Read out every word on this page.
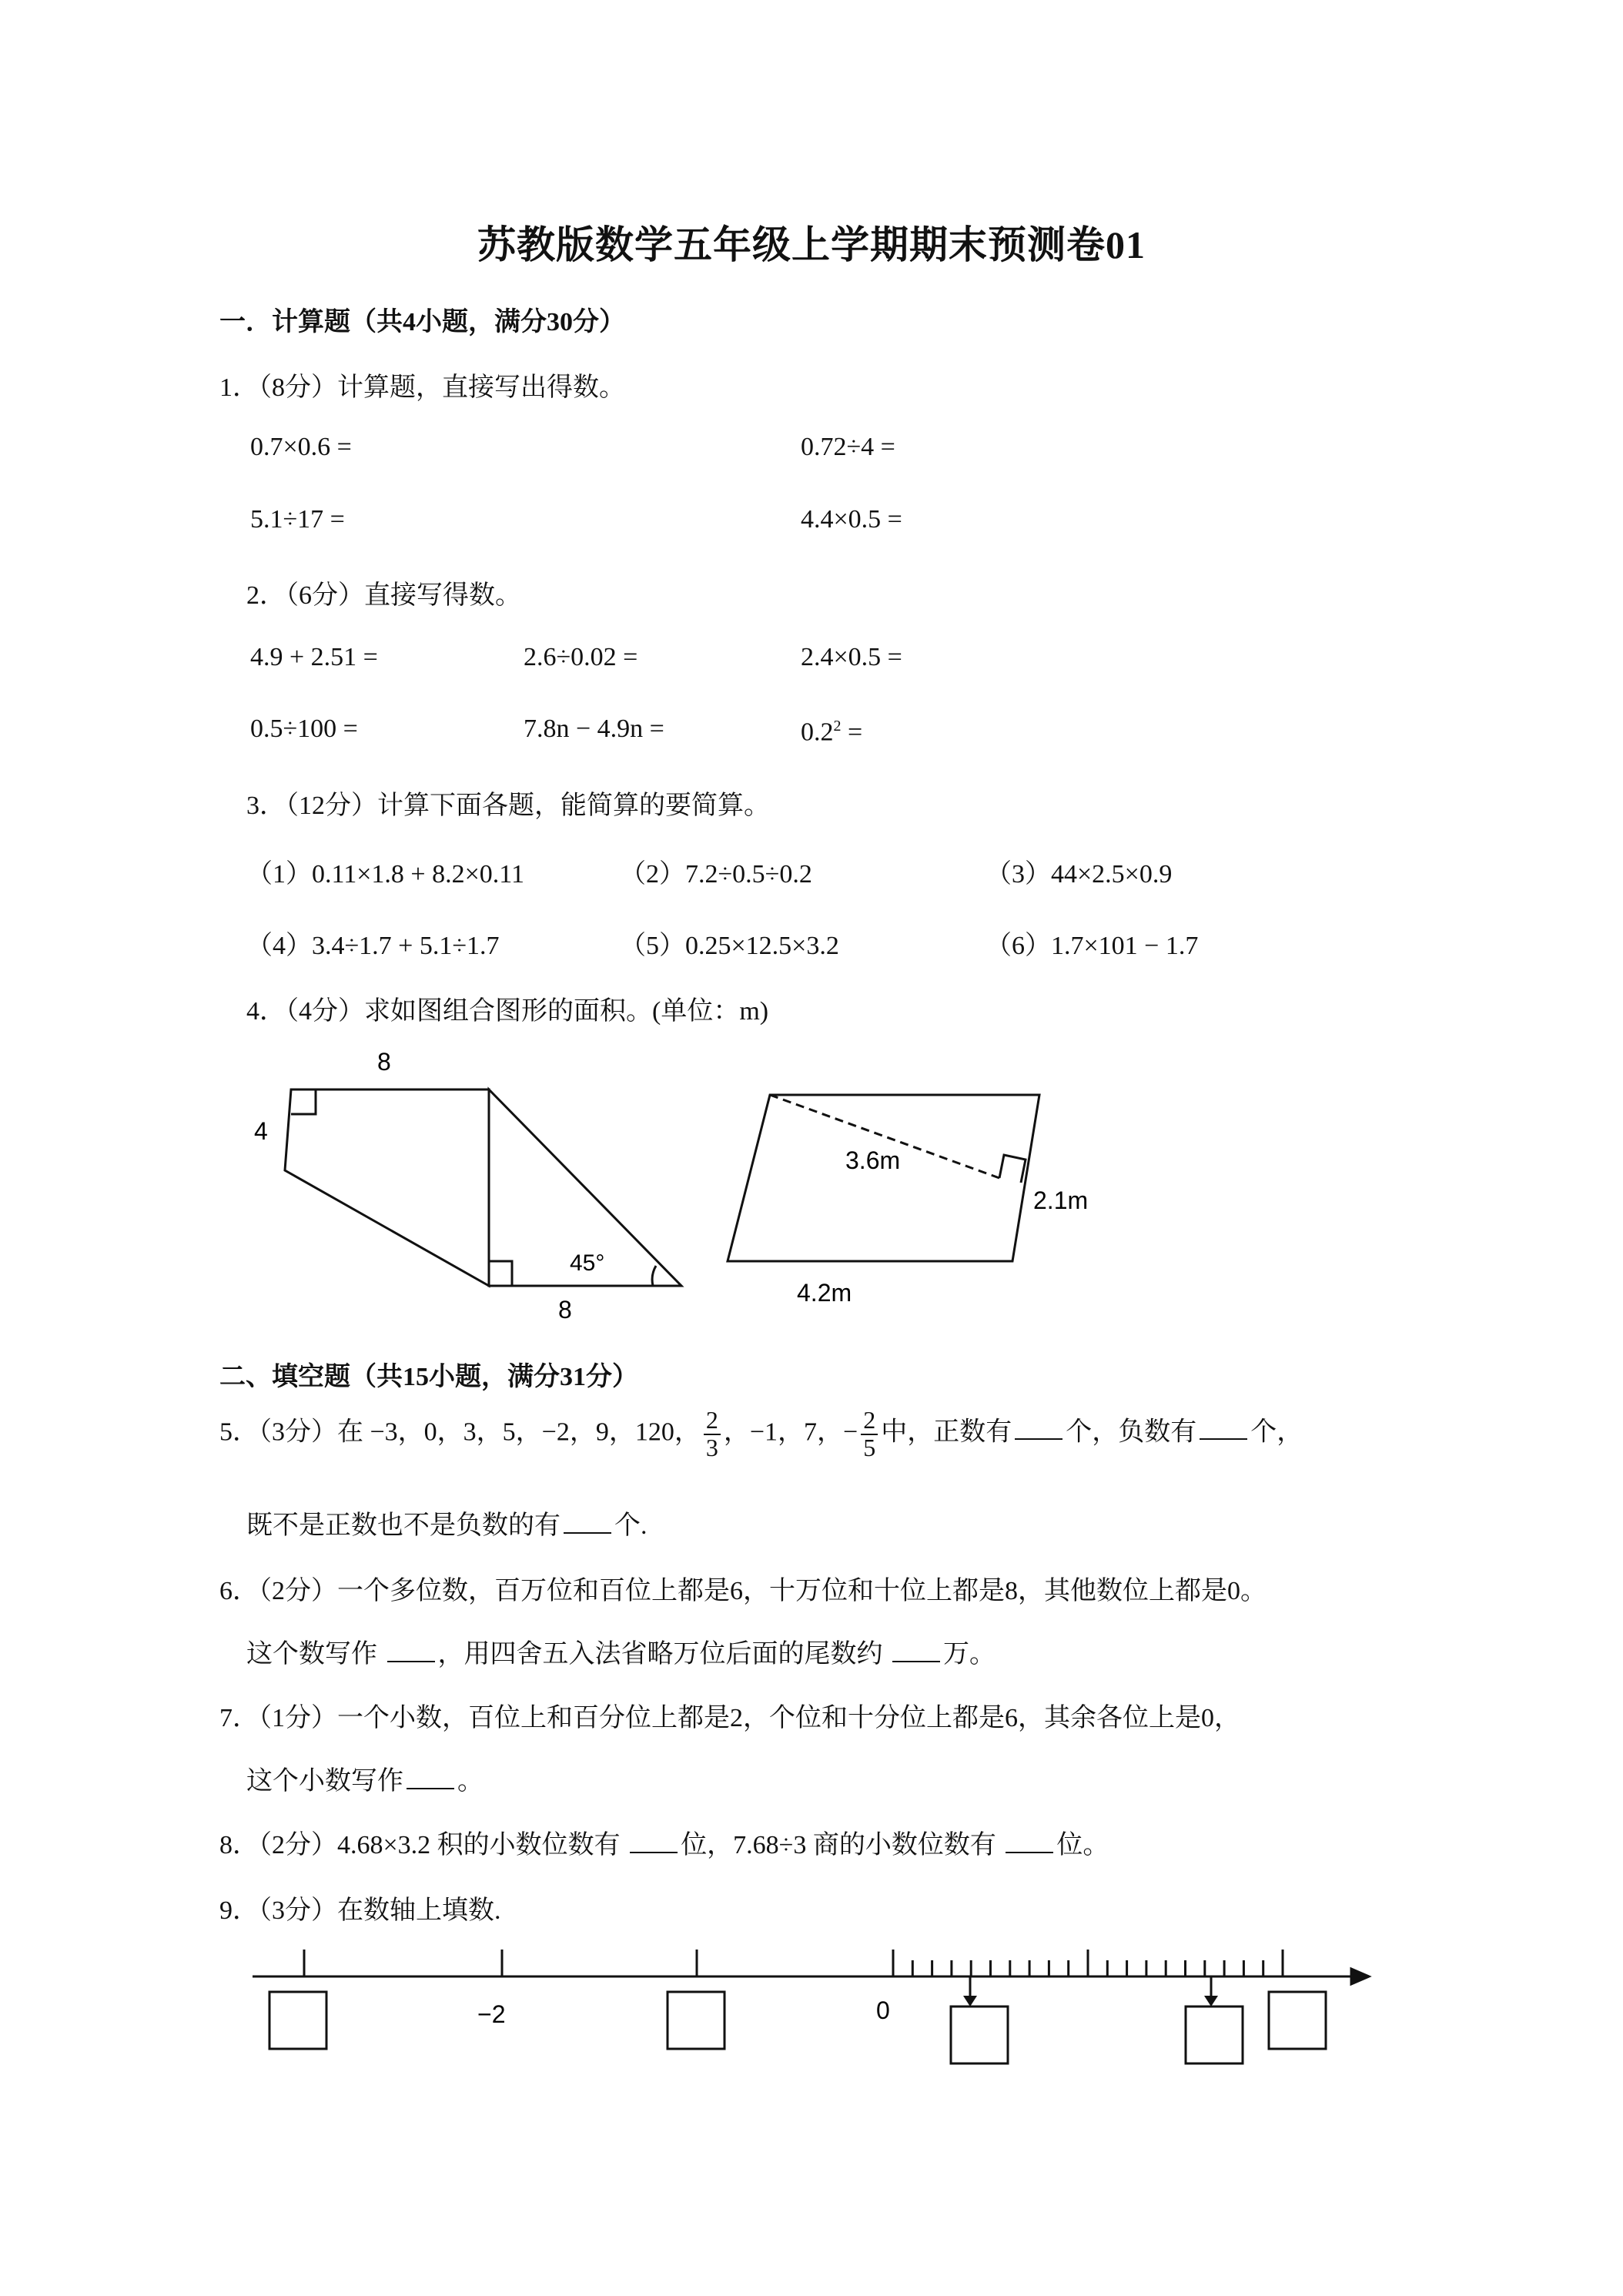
苏教版数学五年级上学期期末预测卷01
一．计算题（共4小题，满分30分）
1．（8分）计算题，直接写出得数。
0.7×0.6 =	0.72÷4 =
5.1÷17 =	4.4×0.5 =
2．（6分）直接写得数。
4.9 + 2.51 =	2.6÷0.02 =	2.4×0.5 =
0.5÷100 =	7.8n − 4.9n =	$0.2^2$ =
3．（12分）计算下面各题，能简算的要简算。
（1）0.11×1.8 + 8.2×0.11	（2）7.2÷0.5÷0.2	（3）44×2.5×0.9
（4）3.4÷1.7 + 5.1÷1.7	（5）0.25×12.5×3.2	（6）1.7×101 − 1.7
4．（4分）求如图组合图形的面积。(单位：m)
8
4
8
45°
3.6m
2.1m
4.2m
二、填空题（共15小题，满分31分）
5．（3分）在 −3，0，3，5，−2，9，120， $\frac{2}{3}$ ，−1，7，− $\frac{2}{5}$ 中，正数有 个，负数有 个，
既不是正数也不是负数的有 个.
6．（2分）一个多位数，百万位和百位上都是6，十万位和十位上都是8，其他数位上都是0。
这个数写作 ，用四舍五入法省略万位后面的尾数约 万。
7．（1分）一个小数，百位上和百分位上都是2，个位和十分位上都是6，其余各位上是0，
这个小数写作 。
8．（2分）4.68×3.2 积的小数位数有 位，7.68÷3 商的小数位数有 位。
9．（3分）在数轴上填数.
−2	0
